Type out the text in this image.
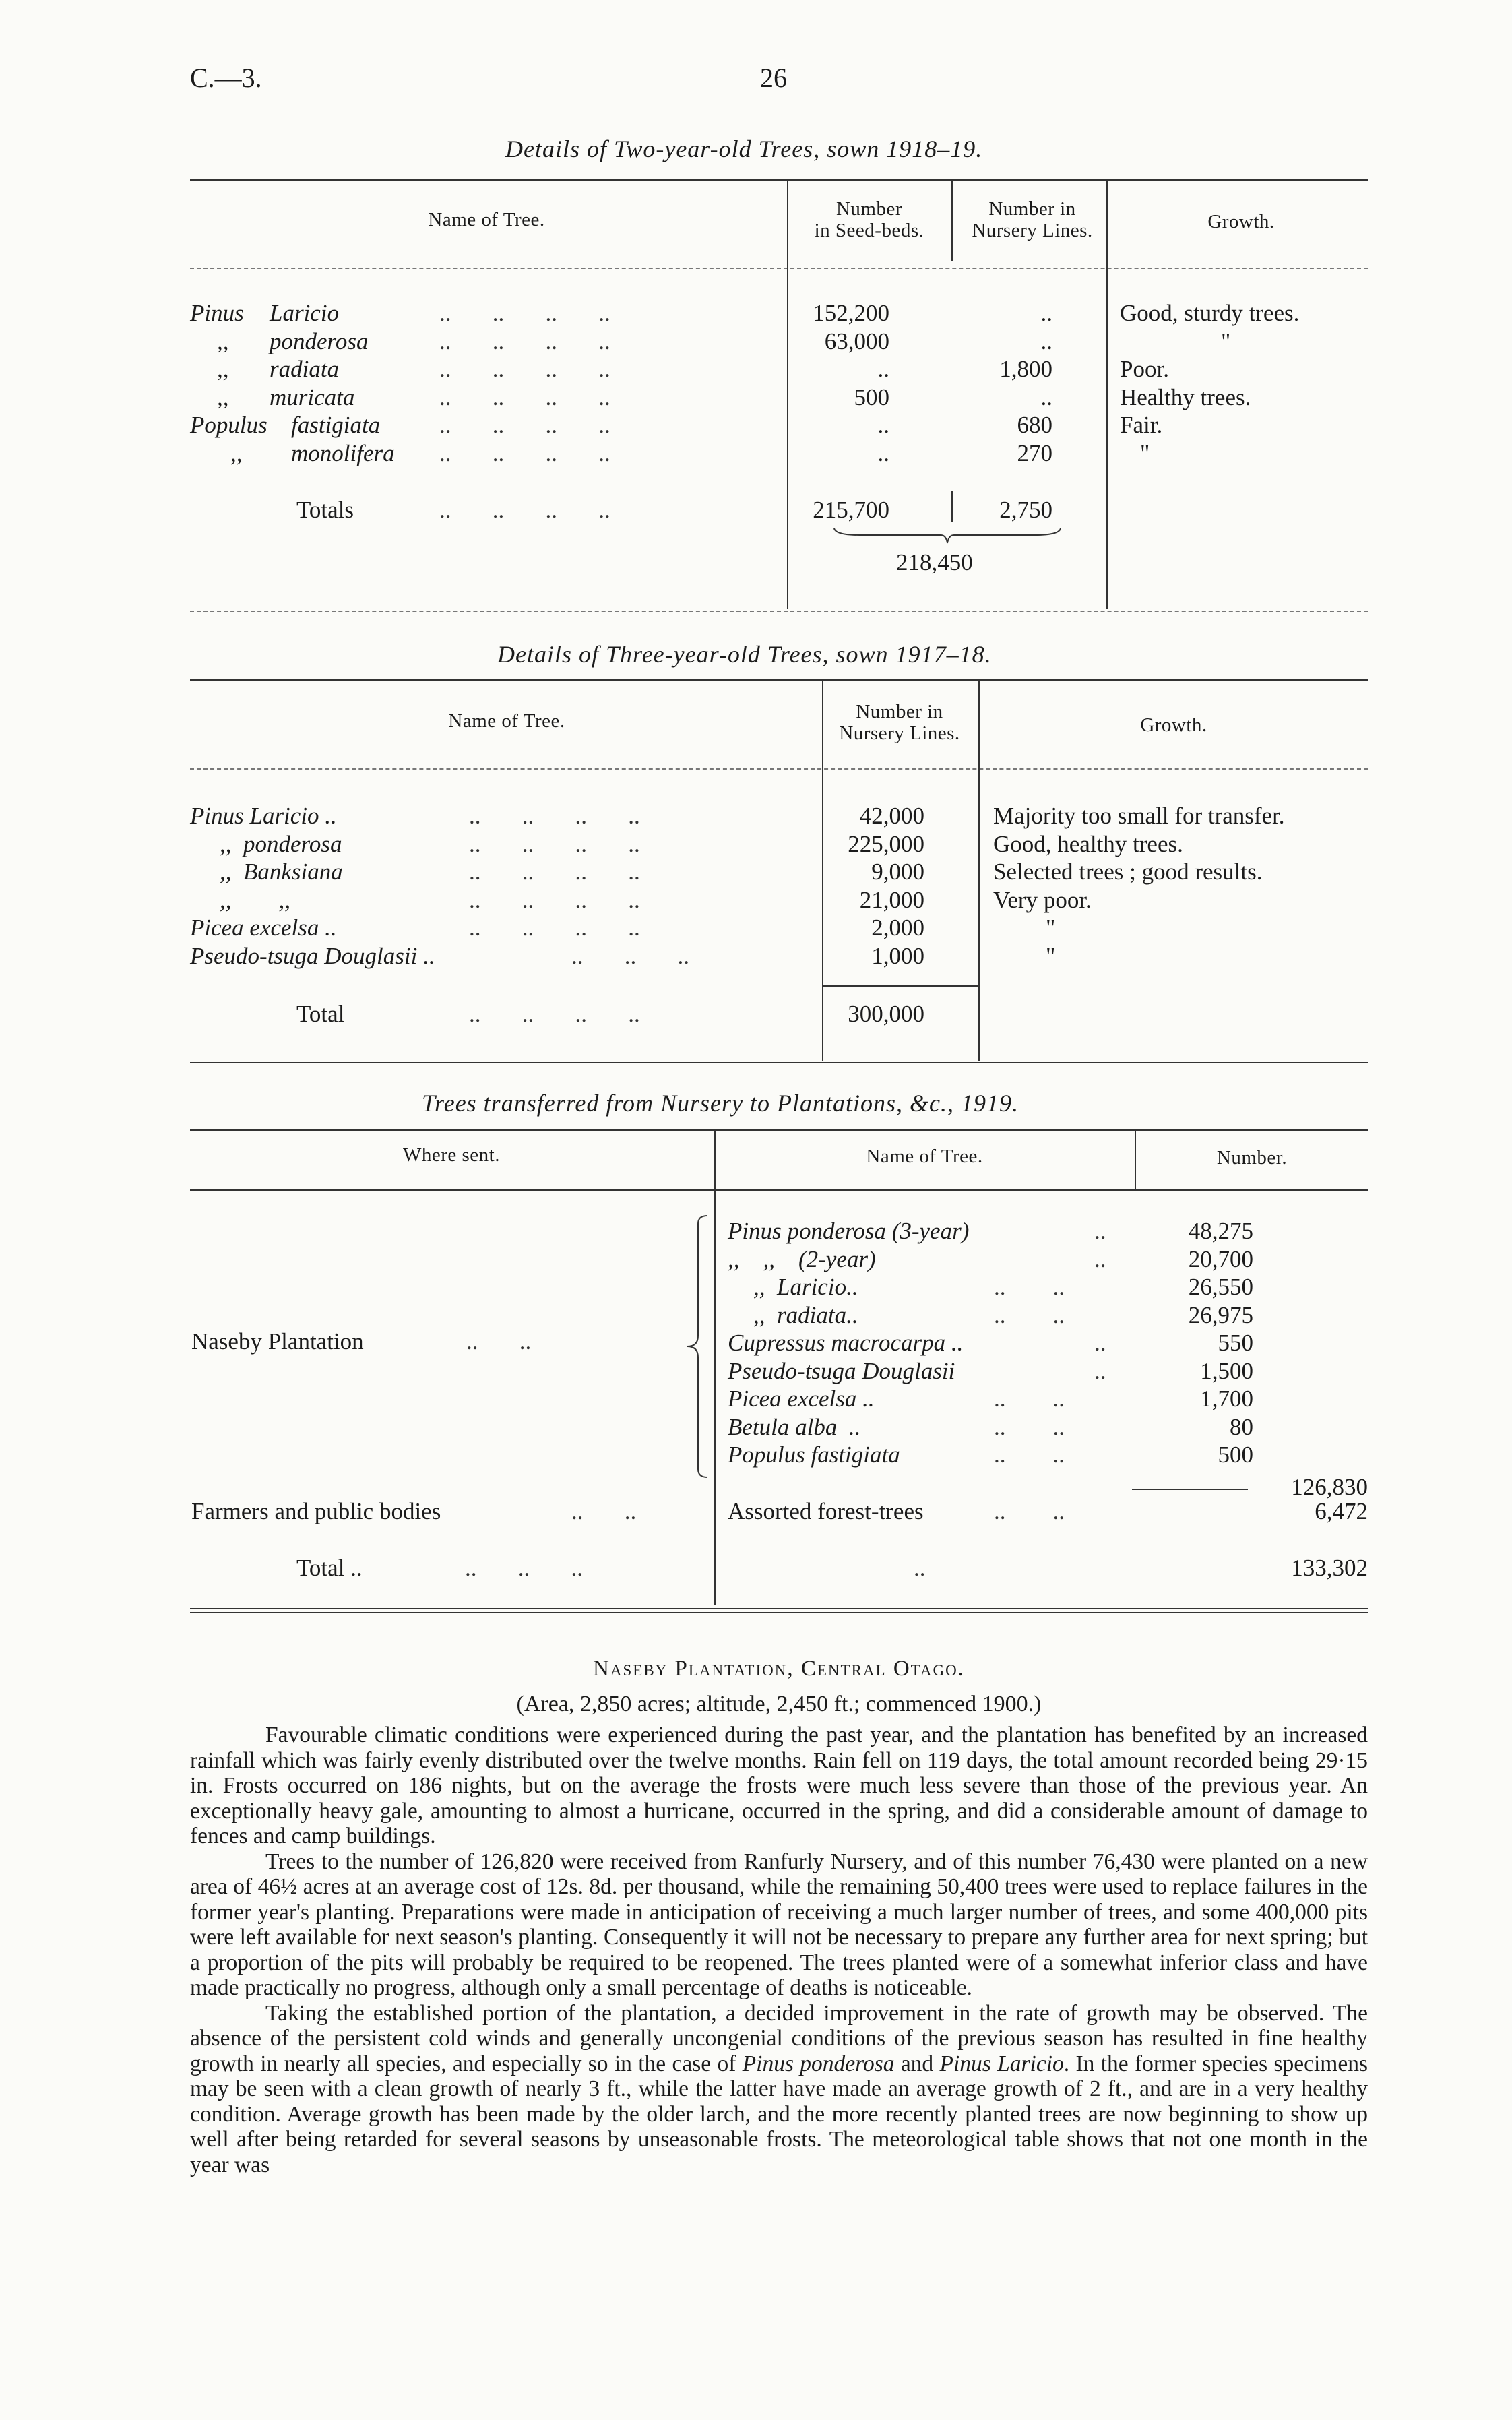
C.—3.	26
Details of Two-year-old Trees, sown 1918–19.
Name of Tree.	Number
in Seed-beds.
Number in
Nursery Lines.	Growth.
Pinus Laricio	..       ..       ..       ..	152,200	..	Good, sturdy trees.
,, ponderosa	..       ..       ..       ..	63,000	..	"
,, radiata	..       ..       ..       ..	..	1,800	Poor.
,, muricata	..       ..       ..       ..	500	..	Healthy trees.
Populus fastigiata	..       ..       ..       ..	..	680	Fair.
,, monolifera ..       ..       ..       ..	..	270	"
Totals	..       ..       ..       ..	215,700	2,750
218,450
Details of Three-year-old Trees, sown 1917–18.
Name of Tree.	Number in
Nursery Lines.	Growth.
Pinus Laricio ..	..       ..       ..       ..	42,000	Majority too small for transfer.
,,  ponderosa	..       ..       ..       ..	225,000	Good, healthy trees.
,,  Banksiana	..       ..       ..       ..	9,000	Selected trees ; good results.
,,        ,,	..       ..       ..       ..	21,000	Very poor.
Picea excelsa ..	..       ..       ..       ..	2,000	"
Pseudo-tsuga Douglasii ..	..       ..       ..	1,000	"
Total	..       ..       ..       ..	300,000
Trees transferred from Nursery to Plantations, &c., 1919.
Where sent.	Name of Tree.	Number.
Naseby Plantation	..       ..
Pinus ponderosa (3-year)	..	48,275
,,    ,,    (2-year)	..	20,700
,,  Laricio..	..        ..	26,550
,,  radiata..	..        ..	26,975
Cupressus macrocarpa ..	..	550
Pseudo-tsuga Douglasii	..	1,500
Picea excelsa ..	..        ..	1,700
Betula alba  ..	..        ..	80
Populus fastigiata	..        ..	500
126,830
Farmers and public bodies	..       ..	Assorted forest-trees	..        ..	6,472
Total ..	..       ..       ..	..	133,302
Naseby Plantation, Central Otago.
(Area, 2,850 acres; altitude, 2,450 ft.; commenced 1900.)

Favourable climatic conditions were experienced during the past year, and the plantation has benefited by an increased rainfall which was fairly evenly distributed over the twelve months. Rain fell on 119 days, the total amount recorded being 29·15 in. Frosts occurred on 186 nights, but on the average the frosts were much less severe than those of the previous year. An exceptionally heavy gale, amounting to almost a hurricane, occurred in the spring, and did a considerable amount of damage to fences and camp buildings.

Trees to the number of 126,820 were received from Ranfurly Nursery, and of this number 76,430 were planted on a new area of 46½ acres at an average cost of 12s. 8d. per thousand, while the remaining 50,400 trees were used to replace failures in the former year's planting. Preparations were made in anticipation of receiving a much larger number of trees, and some 400,000 pits were left available for next season's planting. Consequently it will not be necessary to prepare any further area for next spring; but a proportion of the pits will probably be required to be reopened. The trees planted were of a somewhat inferior class and have made practically no progress, although only a small percentage of deaths is noticeable.

Taking the established portion of the plantation, a decided improvement in the rate of growth may be observed. The absence of the persistent cold winds and generally uncongenial conditions of the previous season has resulted in fine healthy growth in nearly all species, and especially so in the case of Pinus ponderosa and Pinus Laricio. In the former species specimens may be seen with a clean growth of nearly 3 ft., while the latter have made an average growth of 2 ft., and are in a very healthy condition. Average growth has been made by the older larch, and the more recently planted trees are now beginning to show up well after being retarded for several seasons by unseasonable frosts. The meteorological table shows that not one month in the year was
